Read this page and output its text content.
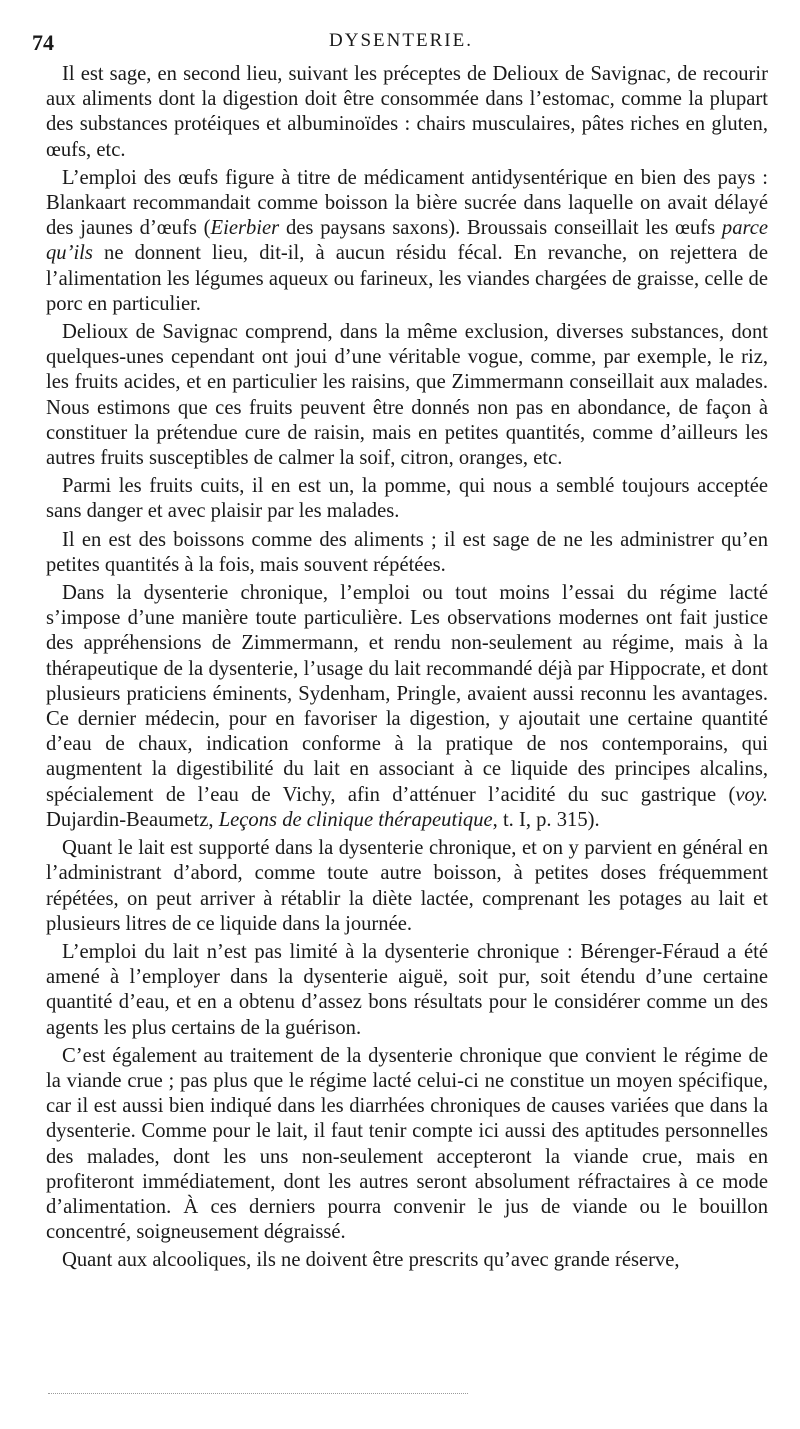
74	DYSENTERIE.

Il est sage, en second lieu, suivant les préceptes de Delioux de Savignac, de recourir aux aliments dont la digestion doit être consommée dans l’estomac, comme la plupart des substances protéiques et albuminoïdes : chairs musculaires, pâtes riches en gluten, œufs, etc.

L’emploi des œufs figure à titre de médicament antidysentérique en bien des pays : Blankaart recommandait comme boisson la bière sucrée dans laquelle on avait délayé des jaunes d’œufs (Eierbier des paysans saxons). Broussais conseillait les œufs parce qu’ils ne donnent lieu, dit-il, à aucun résidu fécal. En revanche, on rejettera de l’alimentation les légumes aqueux ou farineux, les viandes chargées de graisse, celle de porc en particulier.

Delioux de Savignac comprend, dans la même exclusion, diverses substances, dont quelques-unes cependant ont joui d’une véritable vogue, comme, par exemple, le riz, les fruits acides, et en particulier les raisins, que Zimmermann conseillait aux malades. Nous estimons que ces fruits peuvent être donnés non pas en abondance, de façon à constituer la prétendue cure de raisin, mais en petites quantités, comme d’ailleurs les autres fruits susceptibles de calmer la soif, citron, oranges, etc.

Parmi les fruits cuits, il en est un, la pomme, qui nous a semblé toujours acceptée sans danger et avec plaisir par les malades.

Il en est des boissons comme des aliments ; il est sage de ne les administrer qu’en petites quantités à la fois, mais souvent répétées.

Dans la dysenterie chronique, l’emploi ou tout moins l’essai du régime lacté s’impose d’une manière toute particulière. Les observations modernes ont fait justice des appréhensions de Zimmermann, et rendu non-seulement au régime, mais à la thérapeutique de la dysenterie, l’usage du lait recommandé déjà par Hippocrate, et dont plusieurs praticiens éminents, Sydenham, Pringle, avaient aussi reconnu les avantages. Ce dernier médecin, pour en favoriser la digestion, y ajoutait une certaine quantité d’eau de chaux, indication conforme à la pratique de nos contemporains, qui augmentent la digestibilité du lait en associant à ce liquide des principes alcalins, spécialement de l’eau de Vichy, afin d’atténuer l’acidité du suc gastrique (voy. Dujardin-Beaumetz, Leçons de clinique thérapeutique, t. I, p. 315).

Quant le lait est supporté dans la dysenterie chronique, et on y parvient en général en l’administrant d’abord, comme toute autre boisson, à petites doses fréquemment répétées, on peut arriver à rétablir la diète lactée, comprenant les potages au lait et plusieurs litres de ce liquide dans la journée.

L’emploi du lait n’est pas limité à la dysenterie chronique : Bérenger-Féraud a été amené à l’employer dans la dysenterie aiguë, soit pur, soit étendu d’une certaine quantité d’eau, et en a obtenu d’assez bons résultats pour le considérer comme un des agents les plus certains de la guérison.

C’est également au traitement de la dysenterie chronique que convient le régime de la viande crue ; pas plus que le régime lacté celui-ci ne constitue un moyen spécifique, car il est aussi bien indiqué dans les diarrhées chroniques de causes variées que dans la dysenterie. Comme pour le lait, il faut tenir compte ici aussi des aptitudes personnelles des malades, dont les uns non-seulement accepteront la viande crue, mais en profiteront immédiatement, dont les autres seront absolument réfractaires à ce mode d’alimentation. À ces derniers pourra convenir le jus de viande ou le bouillon concentré, soigneusement dégraissé.

Quant aux alcooliques, ils ne doivent être prescrits qu’avec grande réserve,
